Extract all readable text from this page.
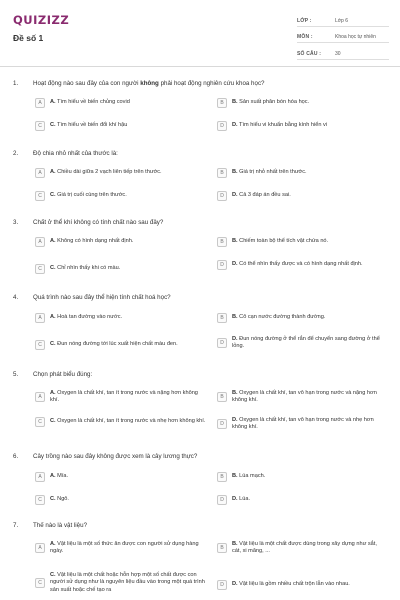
QUIZIZZ
Đề số 1
LỚP :	Lớp 6
MÔN :	Khoa học tự nhiên
SỐ CÂU :	30
1. Hoạt động nào sau đây của con người không phải hoạt động nghiên cứu khoa học?
A	A. Tìm hiểu về biến chủng covid	B	B. Sản xuất phân bón hóa học.
C	C. Tìm hiểu về biến đổi khí hậu	D	D. Tìm hiểu vi khuẩn bằng kính hiển vi
2. Độ chia nhỏ nhất của thước là:
A	A. Chiều dài giữa 2 vạch liên tiếp trên thước.	B	B. Giá trị nhỏ nhất trên thước.
C	C. Giá trị cuối cùng trên thước.	D	D. Cả 3 đáp án đều sai.
3. Chất ở thể khí không có tính chất nào sau đây?
A	A. Không có hình dạng nhất định.	B	B. Chiếm toàn bộ thể tích vật chứa nó.
C	C. Chỉ nhìn thấy khi có màu.
D	D. Có thể nhìn thấy được và có hình dạng nhất định.
4. Quá trình nào sau đây thể hiện tính chất hoá học?
A	A. Hoà tan đường vào nước.	B	B. Cô cạn nước đường thành đường.
C	C. Đun nóng đường tới lúc xuất hiện chất màu đen.	D
D. Đun nóng đường ở thể rắn để chuyển sang đường ở thể lỏng.
5. Chọn phát biểu đúng:
A
A. Oxygen là chất khí, tan ít trong nước và nặng hơn không khí.	B
B. Oxygen là chất khí, tan vô hạn trong nước và nặng hơn không khí.
C	C. Oxygen là chất khí, tan ít trong nước và nhẹ hơn không khí.	D
D. Oxygen là chất khí, tan vô hạn trong nước và nhẹ hơn không khí.
6. Cây trồng nào sau đây không được xem là cây lương thực?
A	A. Mía.	B	B. Lúa mạch.
C	C. Ngô.	D	D. Lúa.
7. Thế nào là vật liệu?
A
A. Vật liệu là một số thức ăn được con người sử dụng hàng ngày.	B
B. Vật liệu là một chất được dùng trong xây dựng như sắt, cát, xi măng, ...
C
C. Vật liệu là một chất hoặc hỗn hợp một số chất được con người sử dụng như là nguyên liệu đầu vào trong một quá trình sản xuất hoặc chế tạo ra
D	D. Vật liệu là gồm nhiều chất trộn lẫn vào nhau.
